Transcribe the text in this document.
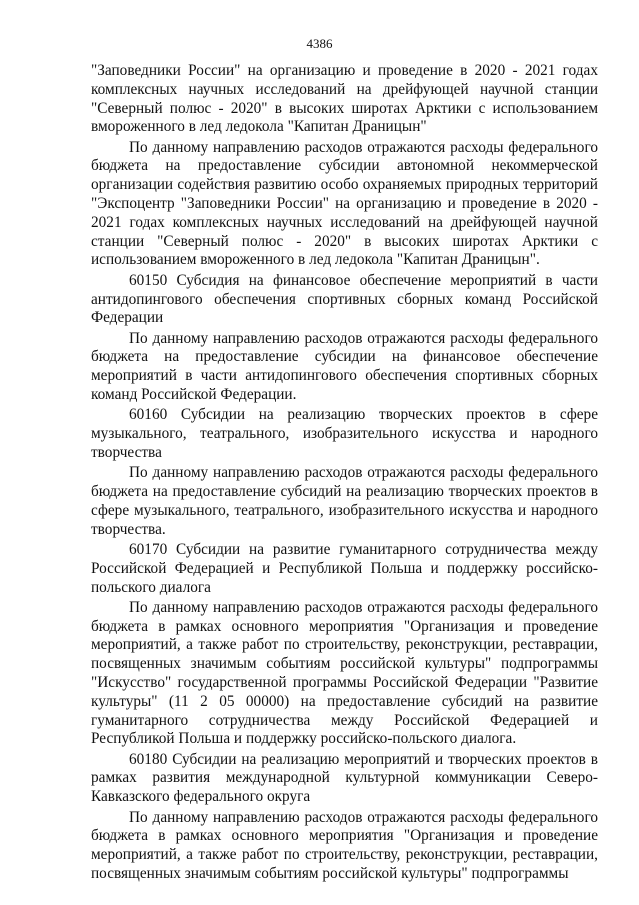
4386

"Заповедники России" на организацию и проведение в 2020 - 2021 годах комплексных научных исследований на дрейфующей научной станции "Северный полюс - 2020" в высоких широтах Арктики с использованием вмороженного в лед ледокола "Капитан Драницын"

По данному направлению расходов отражаются расходы федерального бюджета на предоставление субсидии автономной некоммерческой организации содействия развитию особо охраняемых природных территорий "Экспоцентр "Заповедники России" на организацию и проведение в 2020 - 2021 годах комплексных научных исследований на дрейфующей научной станции "Северный полюс - 2020" в высоких широтах Арктики с использованием вмороженного в лед ледокола "Капитан Драницын".

60150 Субсидия на финансовое обеспечение мероприятий в части антидопингового обеспечения спортивных сборных команд Российской Федерации

По данному направлению расходов отражаются расходы федерального бюджета на предоставление субсидии на финансовое обеспечение мероприятий в части антидопингового обеспечения спортивных сборных команд Российской Федерации.

60160 Субсидии на реализацию творческих проектов в сфере музыкального, театрального, изобразительного искусства и народного творчества

По данному направлению расходов отражаются расходы федерального бюджета на предоставление субсидий на реализацию творческих проектов в сфере музыкального, театрального, изобразительного искусства и народного творчества.

60170 Субсидии на развитие гуманитарного сотрудничества между Российской Федерацией и Республикой Польша и поддержку российско-польского диалога

По данному направлению расходов отражаются расходы федерального бюджета в рамках основного мероприятия "Организация и проведение мероприятий, а также работ по строительству, реконструкции, реставрации, посвященных значимым событиям российской культуры" подпрограммы "Искусство" государственной программы Российской Федерации "Развитие культуры" (11 2 05 00000) на предоставление субсидий на развитие гуманитарного сотрудничества между Российской Федерацией и Республикой Польша и поддержку российско-польского диалога.

60180 Субсидии на реализацию мероприятий и творческих проектов в рамках развития международной культурной коммуникации Северо-Кавказского федерального округа

По данному направлению расходов отражаются расходы федерального бюджета в рамках основного мероприятия "Организация и проведение мероприятий, а также работ по строительству, реконструкции, реставрации, посвященных значимым событиям российской культуры" подпрограммы
